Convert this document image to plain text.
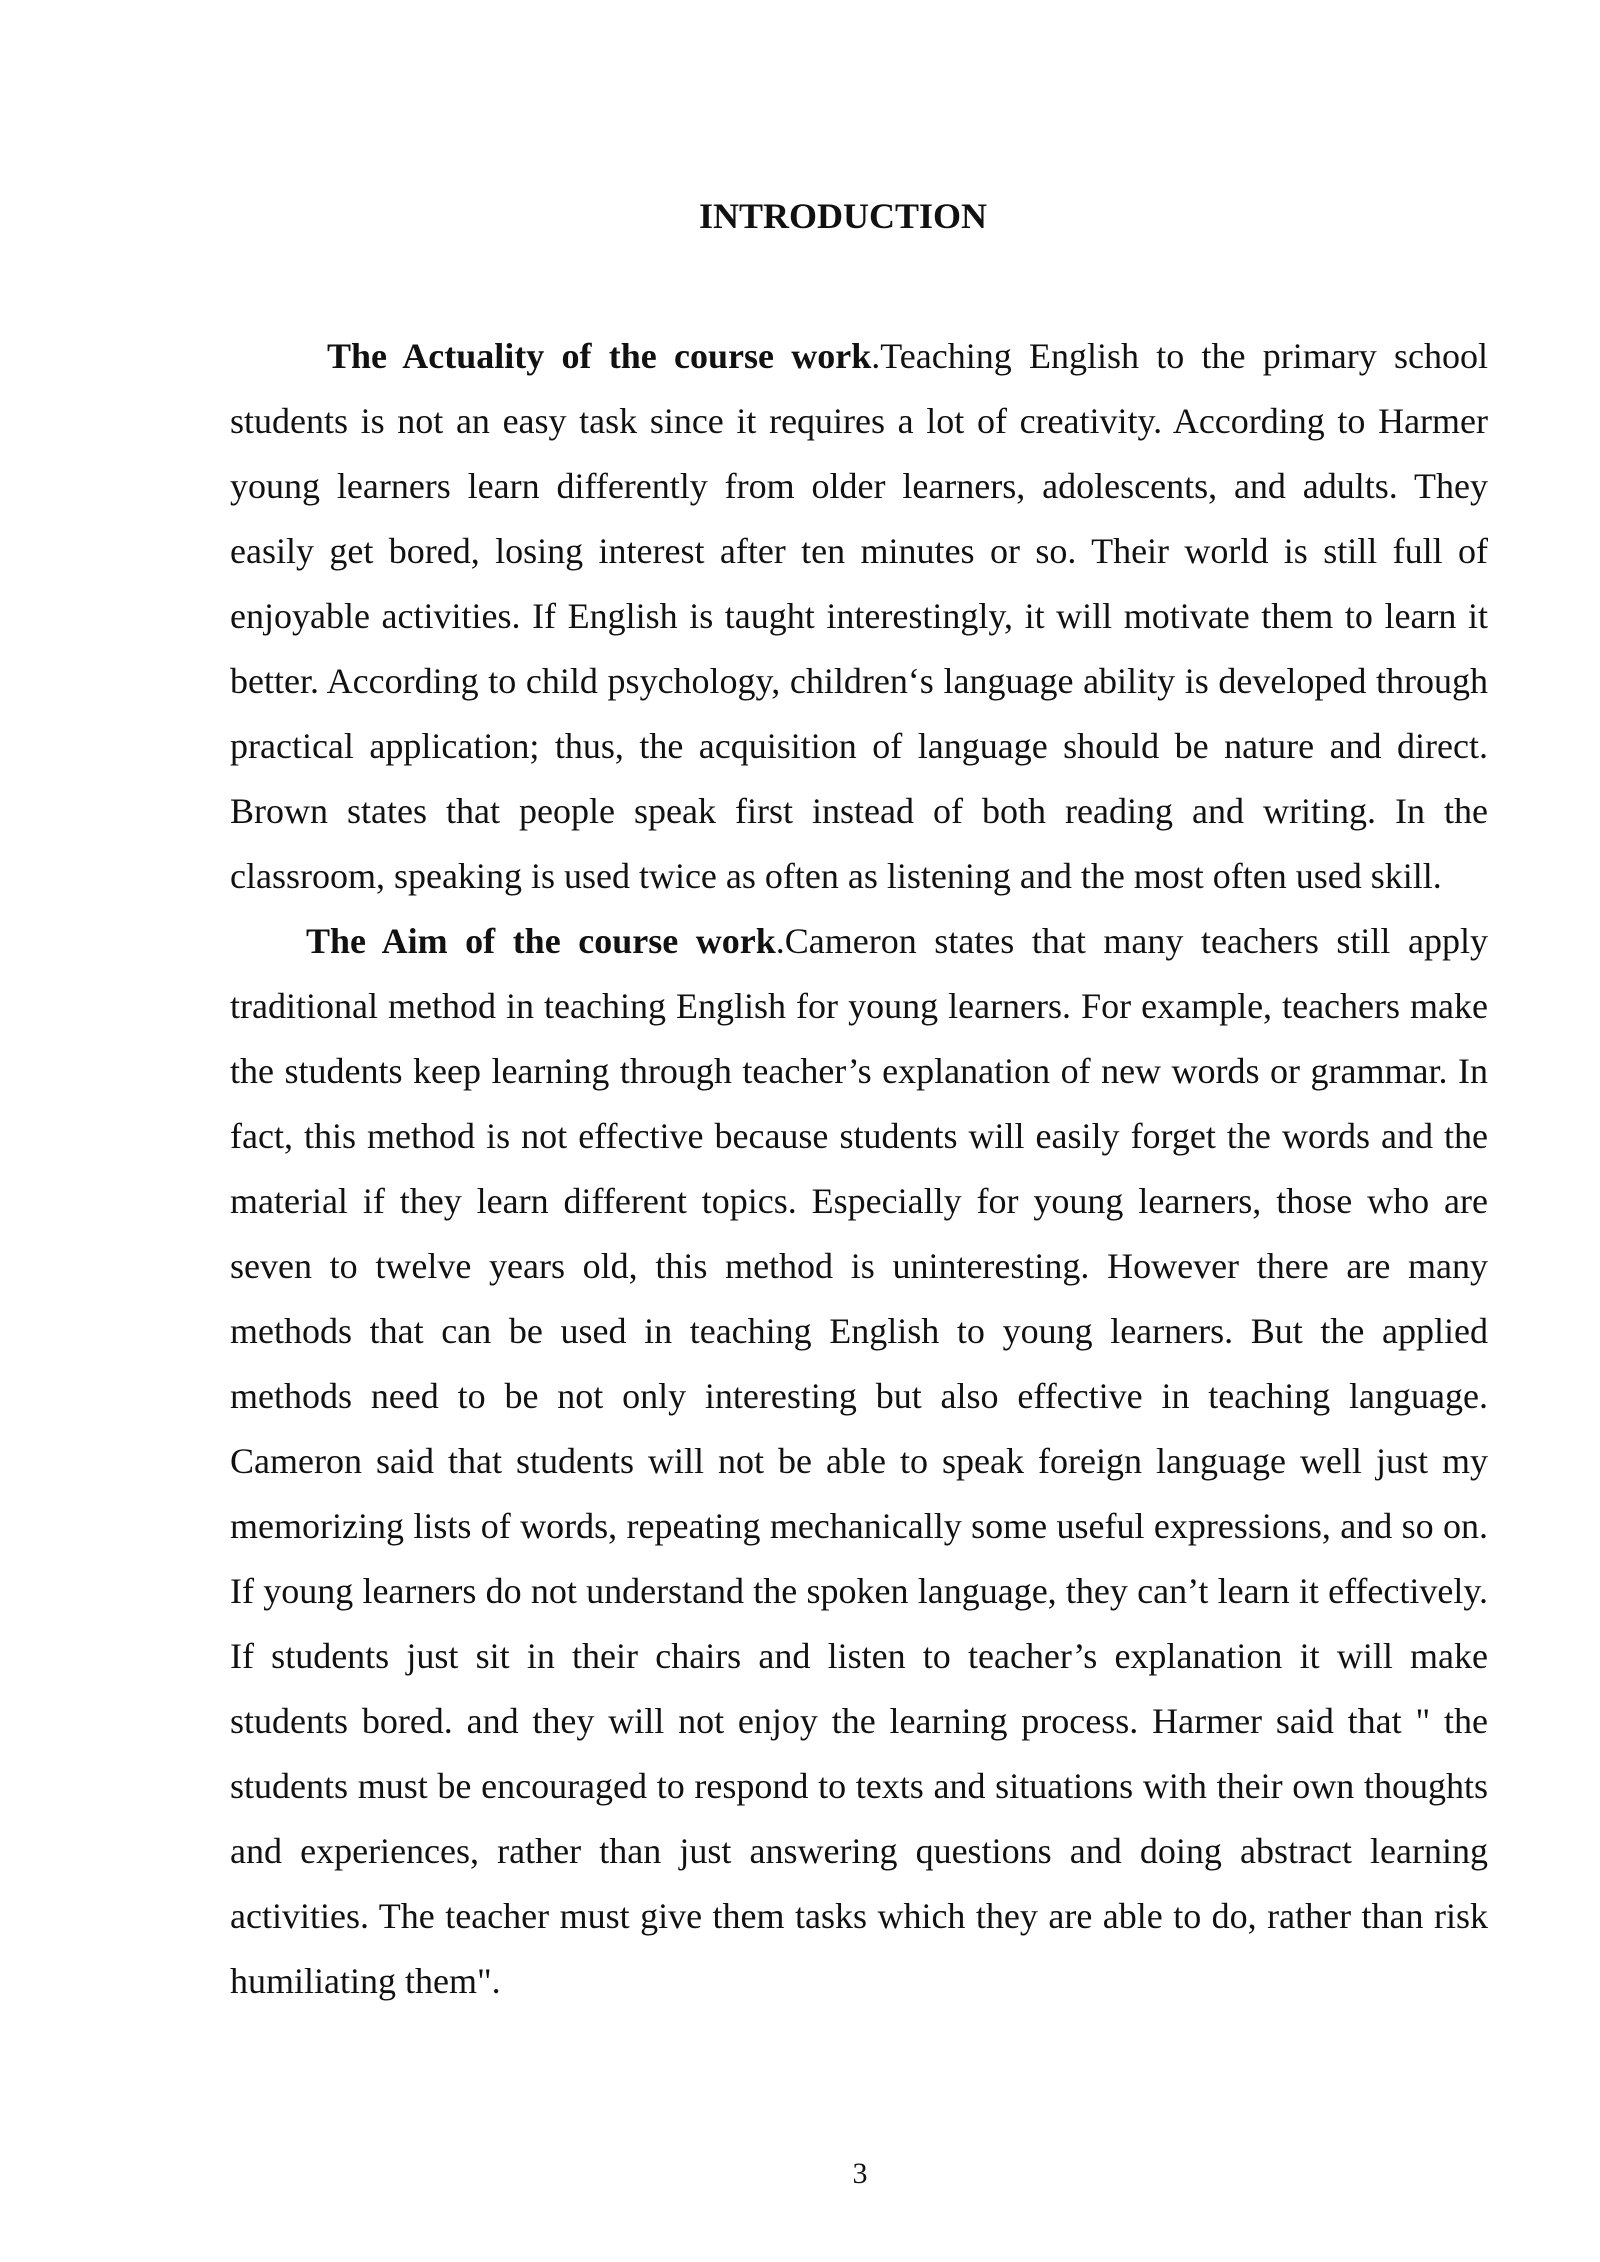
INTRODUCTION

The Actuality of the course work.Teaching English to the primary school students is not an easy task since it requires a lot of creativity. According to Harmer young learners learn differently from older learners, adolescents, and adults. They easily get bored, losing interest after ten minutes or so. Their world is still full of enjoyable activities. If English is taught interestingly, it will motivate them to learn it better. According to child psychology, children‘s language ability is developed through practical application; thus, the acquisition of language should be nature and direct. Brown states that people speak first instead of both reading and writing. In the classroom, speaking is used twice as often as listening and the most often used skill.

The Aim of the course work.Cameron states that many teachers still apply traditional method in teaching English for young learners. For example, teachers make the students keep learning through teacher’s explanation of new words or grammar. In fact, this method is not effective because students will easily forget the words and the material if they learn different topics. Especially for young learners, those who are seven to twelve years old, this method is uninteresting. However there are many methods that can be used in teaching English to young learners. But the applied methods need to be not only interesting but also effective in teaching language. Cameron said that students will not be able to speak foreign language well just my memorizing lists of words, repeating mechanically some useful expressions, and so on. If young learners do not understand the spoken language, they can’t learn it effectively. If students just sit in their chairs and listen to teacher’s explanation it will make students bored. and they will not enjoy the learning process. Harmer said that " the students must be encouraged to respond to texts and situations with their own thoughts and experiences, rather than just answering questions and doing abstract learning activities. The teacher must give them tasks which they are able to do, rather than risk humiliating them".

3
